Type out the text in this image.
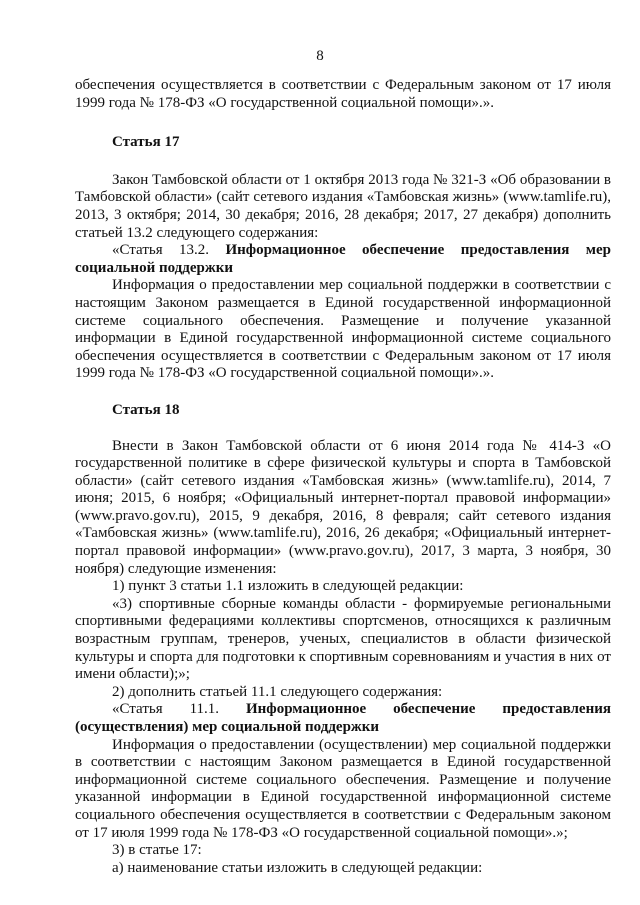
8

обеспечения осуществляется в соответствии с Федеральным законом от 17 июля 1999 года № 178-ФЗ «О государственной социальной помощи».».

Статья 17

Закон Тамбовской области от 1 октября 2013 года № 321-З «Об образовании в Тамбовской области» (сайт сетевого издания «Тамбовская жизнь» (www.tamlife.ru), 2013, 3 октября; 2014, 30 декабря; 2016, 28 декабря; 2017, 27 декабря) дополнить статьей 13.2 следующего содержания:

«Статья 13.2. Информационное обеспечение предоставления мер социальной поддержки

Информация о предоставлении мер социальной поддержки в соответствии с настоящим Законом размещается в Единой государственной информационной системе социального обеспечения. Размещение и получение указанной информации в Единой государственной информационной системе социального обеспечения осуществляется в соответствии с Федеральным законом от 17 июля 1999 года № 178-ФЗ «О государственной социальной помощи».».

Статья 18

Внести в Закон Тамбовской области от 6 июня 2014 года № 414-З «О государственной политике в сфере физической культуры и спорта в Тамбовской области» (сайт сетевого издания «Тамбовская жизнь» (www.tamlife.ru), 2014, 7 июня; 2015, 6 ноября; «Официальный интернет-портал правовой информации» (www.pravo.gov.ru), 2015, 9 декабря, 2016, 8 февраля; сайт сетевого издания «Тамбовская жизнь» (www.tamlife.ru), 2016, 26 декабря; «Официальный интернет-портал правовой информации» (www.pravo.gov.ru), 2017, 3 марта, 3 ноября, 30 ноября) следующие изменения:

1) пункт 3 статьи 1.1 изложить в следующей редакции:

«3) спортивные сборные команды области - формируемые региональными спортивными федерациями коллективы спортсменов, относящихся к различным возрастным группам, тренеров, ученых, специалистов в области физической культуры и спорта для подготовки к спортивным соревнованиям и участия в них от имени области);»;

2) дополнить статьей 11.1 следующего содержания:

«Статья 11.1. Информационное обеспечение предоставления (осуществления) мер социальной поддержки

Информация о предоставлении (осуществлении) мер социальной поддержки в соответствии с настоящим Законом размещается в Единой государственной информационной системе социального обеспечения. Размещение и получение указанной информации в Единой государственной информационной системе социального обеспечения осуществляется в соответствии с Федеральным законом от 17 июля 1999 года № 178-ФЗ «О государственной социальной помощи».»;

3) в статье 17:

а) наименование статьи изложить в следующей редакции:
